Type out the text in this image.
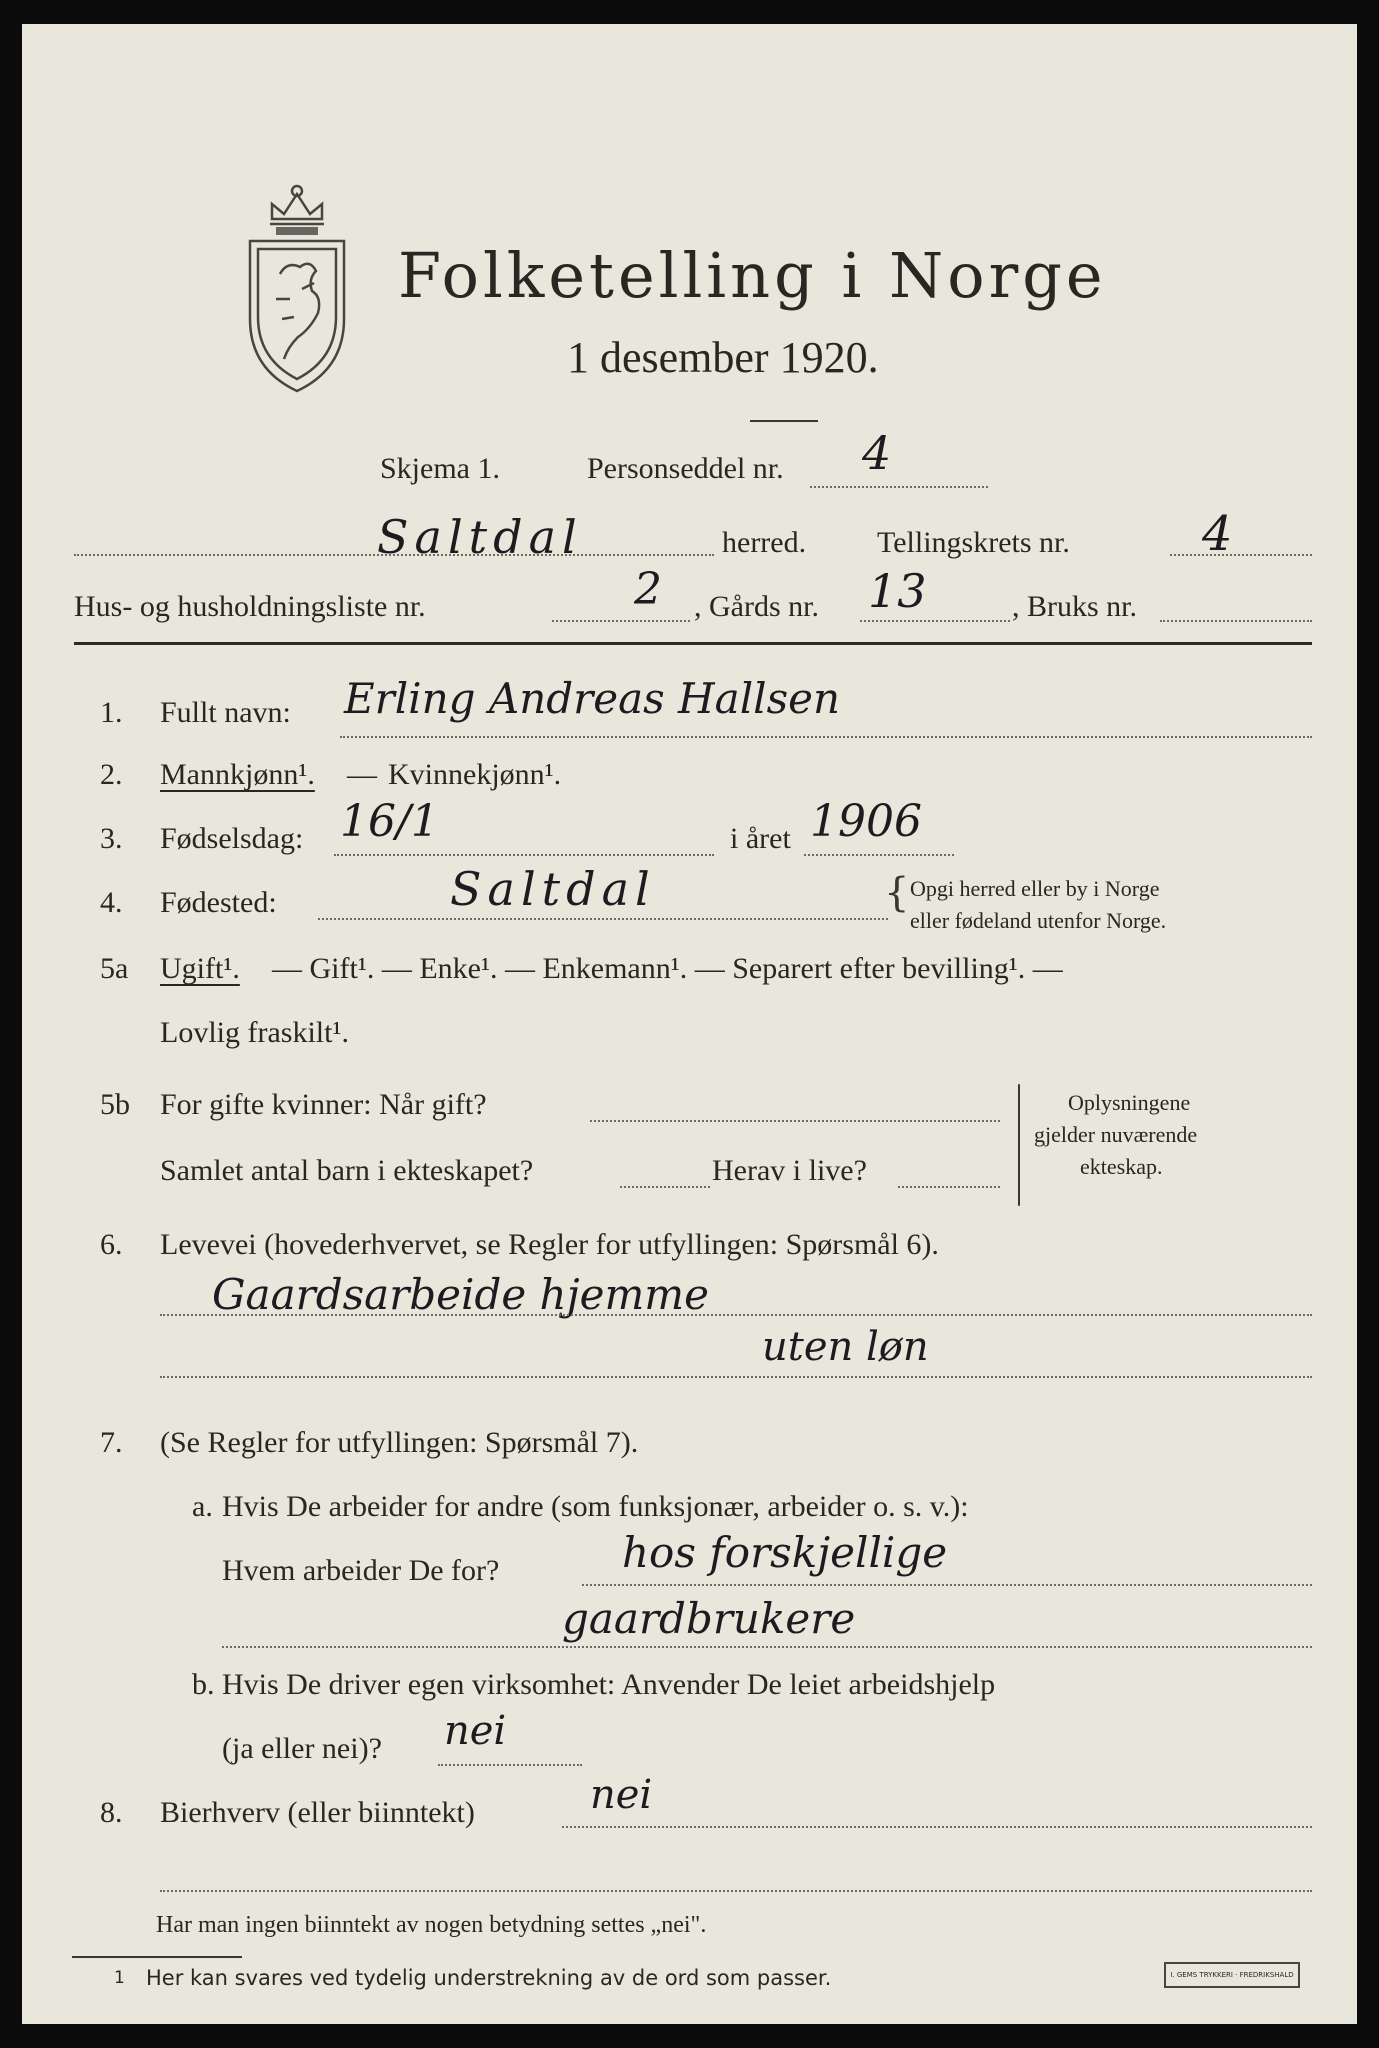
Folketelling i Norge
1 desember 1920.
Skjema 1.	Personseddel nr. 4
Saltdal	herred. Tellingskrets nr.	4
Hus- og husholdningsliste nr.	2 , Gårds nr. 13	, Bruks nr.
1. Fullt navn: Erling Andreas Hallsen
2. Mannkjønn¹. — Kvinnekjønn¹.
3. Fødselsdag: 16/1	i året 1906
4. Fødested:	Saltdal	{ Opgi herred eller by i Norge
eller fødeland utenfor Norge.
5a Ugift¹. — Gift¹. — Enke¹. — Enkemann¹. — Separert efter bevilling¹. —
Lovlig fraskilt¹.
5b For gifte kvinner: Når gift?
Samlet antal barn i ekteskapet?	Herav i live?
Oplysningene
gjelder nuværende
ekteskap.
6. Levevei (hovederhvervet, se Regler for utfyllingen: Spørsmål 6).
Gaardsarbeide hjemme
uten løn
7. (Se Regler for utfyllingen: Spørsmål 7).
a. Hvis De arbeider for andre (som funksjonær, arbeider o. s. v.):
Hvem arbeider De for?	hos forskjellige
gaardbrukere
b. Hvis De driver egen virksomhet: Anvender De leiet arbeidshjelp
(ja eller nei)? nei
8. Bierhverv (eller biinntekt)	nei
Har man ingen biinntekt av nogen betydning settes „nei".
1 Her kan svares ved tydelig understrekning av de ord som passer.	I. GEMS TRYKKERI · FREDRIKSHALD
